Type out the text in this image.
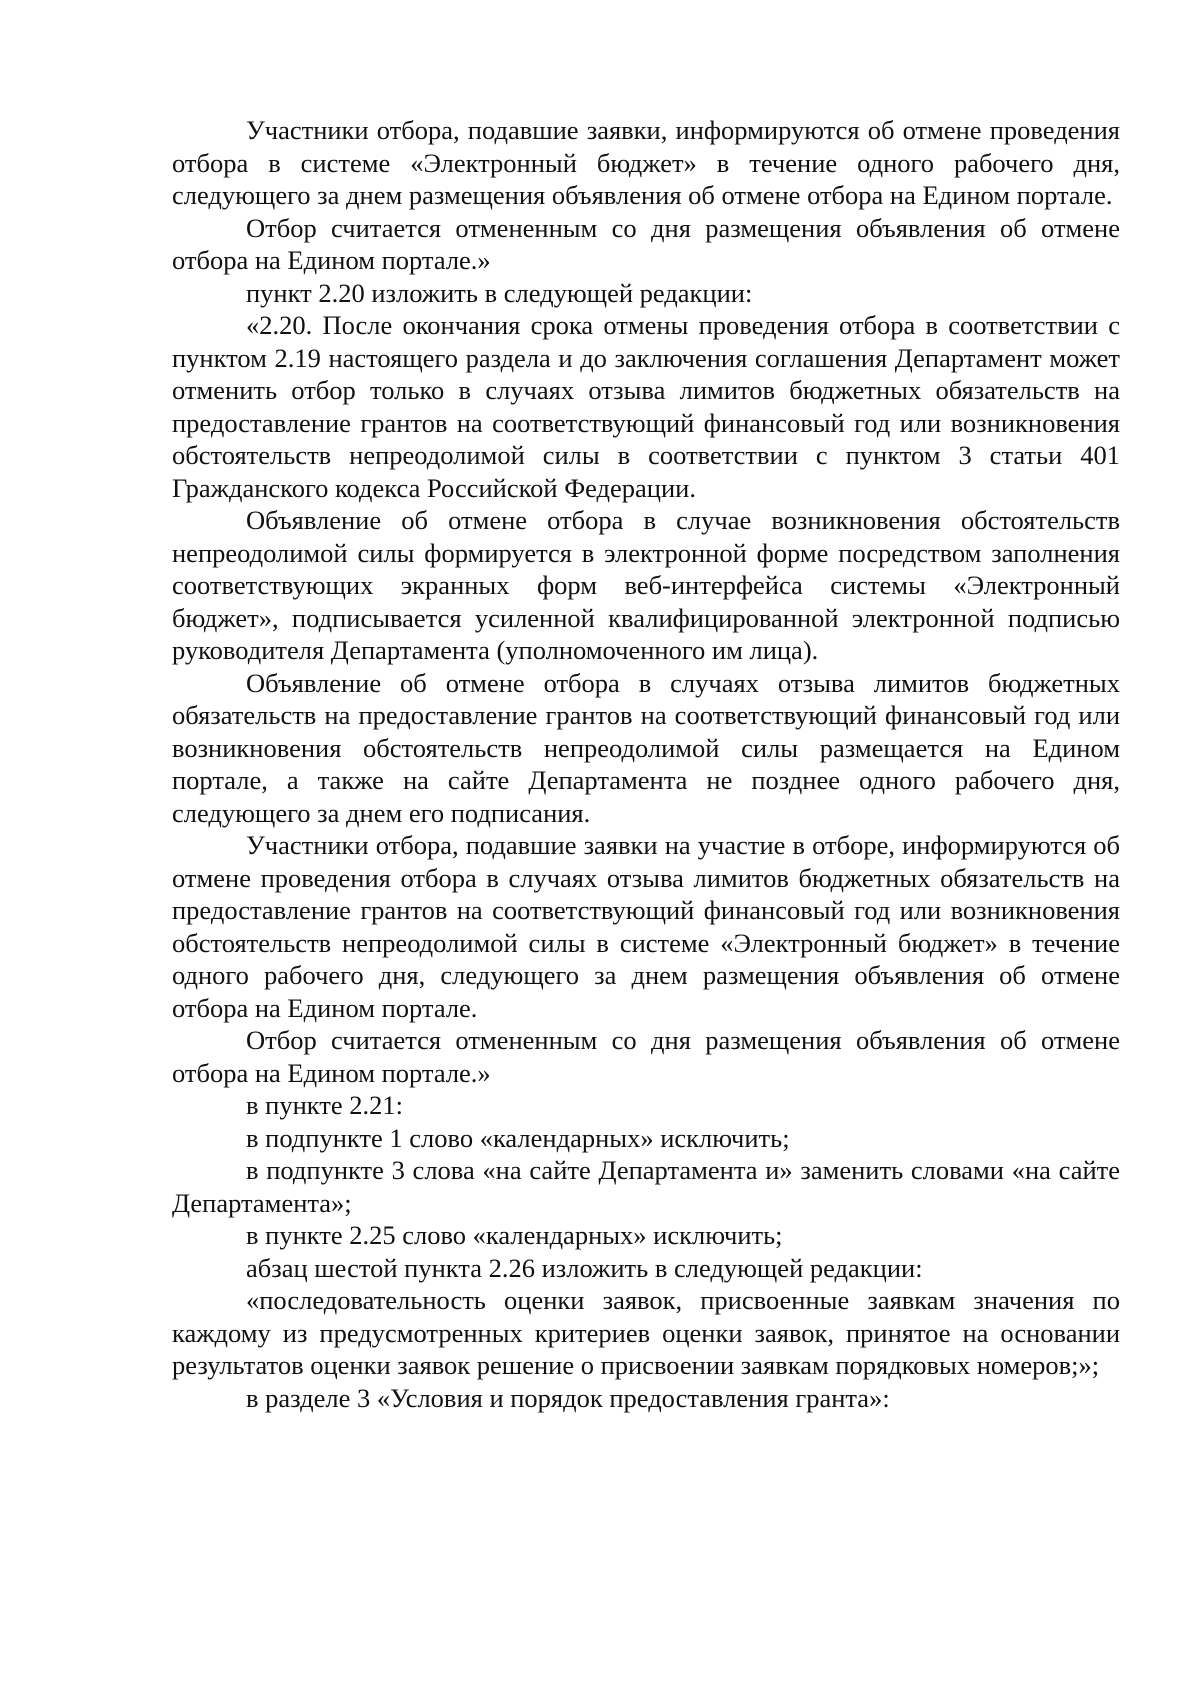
Участники отбора, подавшие заявки, информируются об отмене проведения отбора в системе «Электронный бюджет» в течение одного рабочего дня, следующего за днем размещения объявления об отмене отбора на Едином портале.

Отбор считается отмененным со дня размещения объявления об отмене отбора на Едином портале.»

пункт 2.20 изложить в следующей редакции:

«2.20. После окончания срока отмены проведения отбора в соответствии с пунктом 2.19 настоящего раздела и до заключения соглашения Департамент может отменить отбор только в случаях отзыва лимитов бюджетных обязательств на предоставление грантов на соответствующий финансовый год или возникновения обстоятельств непреодолимой силы в соответствии с пунктом 3 статьи 401 Гражданского кодекса Российской Федерации.

Объявление об отмене отбора в случае возникновения обстоятельств непреодолимой силы формируется в электронной форме посредством заполнения соответствующих экранных форм веб-интерфейса системы «Электронный бюджет», подписывается усиленной квалифицированной электронной подписью руководителя Департамента (уполномоченного им лица).

Объявление об отмене отбора в случаях отзыва лимитов бюджетных обязательств на предоставление грантов на соответствующий финансовый год или возникновения обстоятельств непреодолимой силы размещается на Едином портале, а также на сайте Департамента не позднее одного рабочего дня, следующего за днем его подписания.

Участники отбора, подавшие заявки на участие в отборе, информируются об отмене проведения отбора в случаях отзыва лимитов бюджетных обязательств на предоставление грантов на соответствующий финансовый год или возникновения обстоятельств непреодолимой силы в системе «Электронный бюджет» в течение одного рабочего дня, следующего за днем размещения объявления об отмене отбора на Едином портале.

Отбор считается отмененным со дня размещения объявления об отмене отбора на Едином портале.»

в пункте 2.21:

в подпункте 1 слово «календарных» исключить;

в подпункте 3 слова «на сайте Департамента и» заменить словами «на сайте Департамента»;

в пункте 2.25 слово «календарных» исключить;

абзац шестой пункта 2.26 изложить в следующей редакции:

«последовательность оценки заявок, присвоенные заявкам значения по каждому из предусмотренных критериев оценки заявок, принятое на основании результатов оценки заявок решение о присвоении заявкам порядковых номеров;»;

в разделе 3 «Условия и порядок предоставления гранта»:
